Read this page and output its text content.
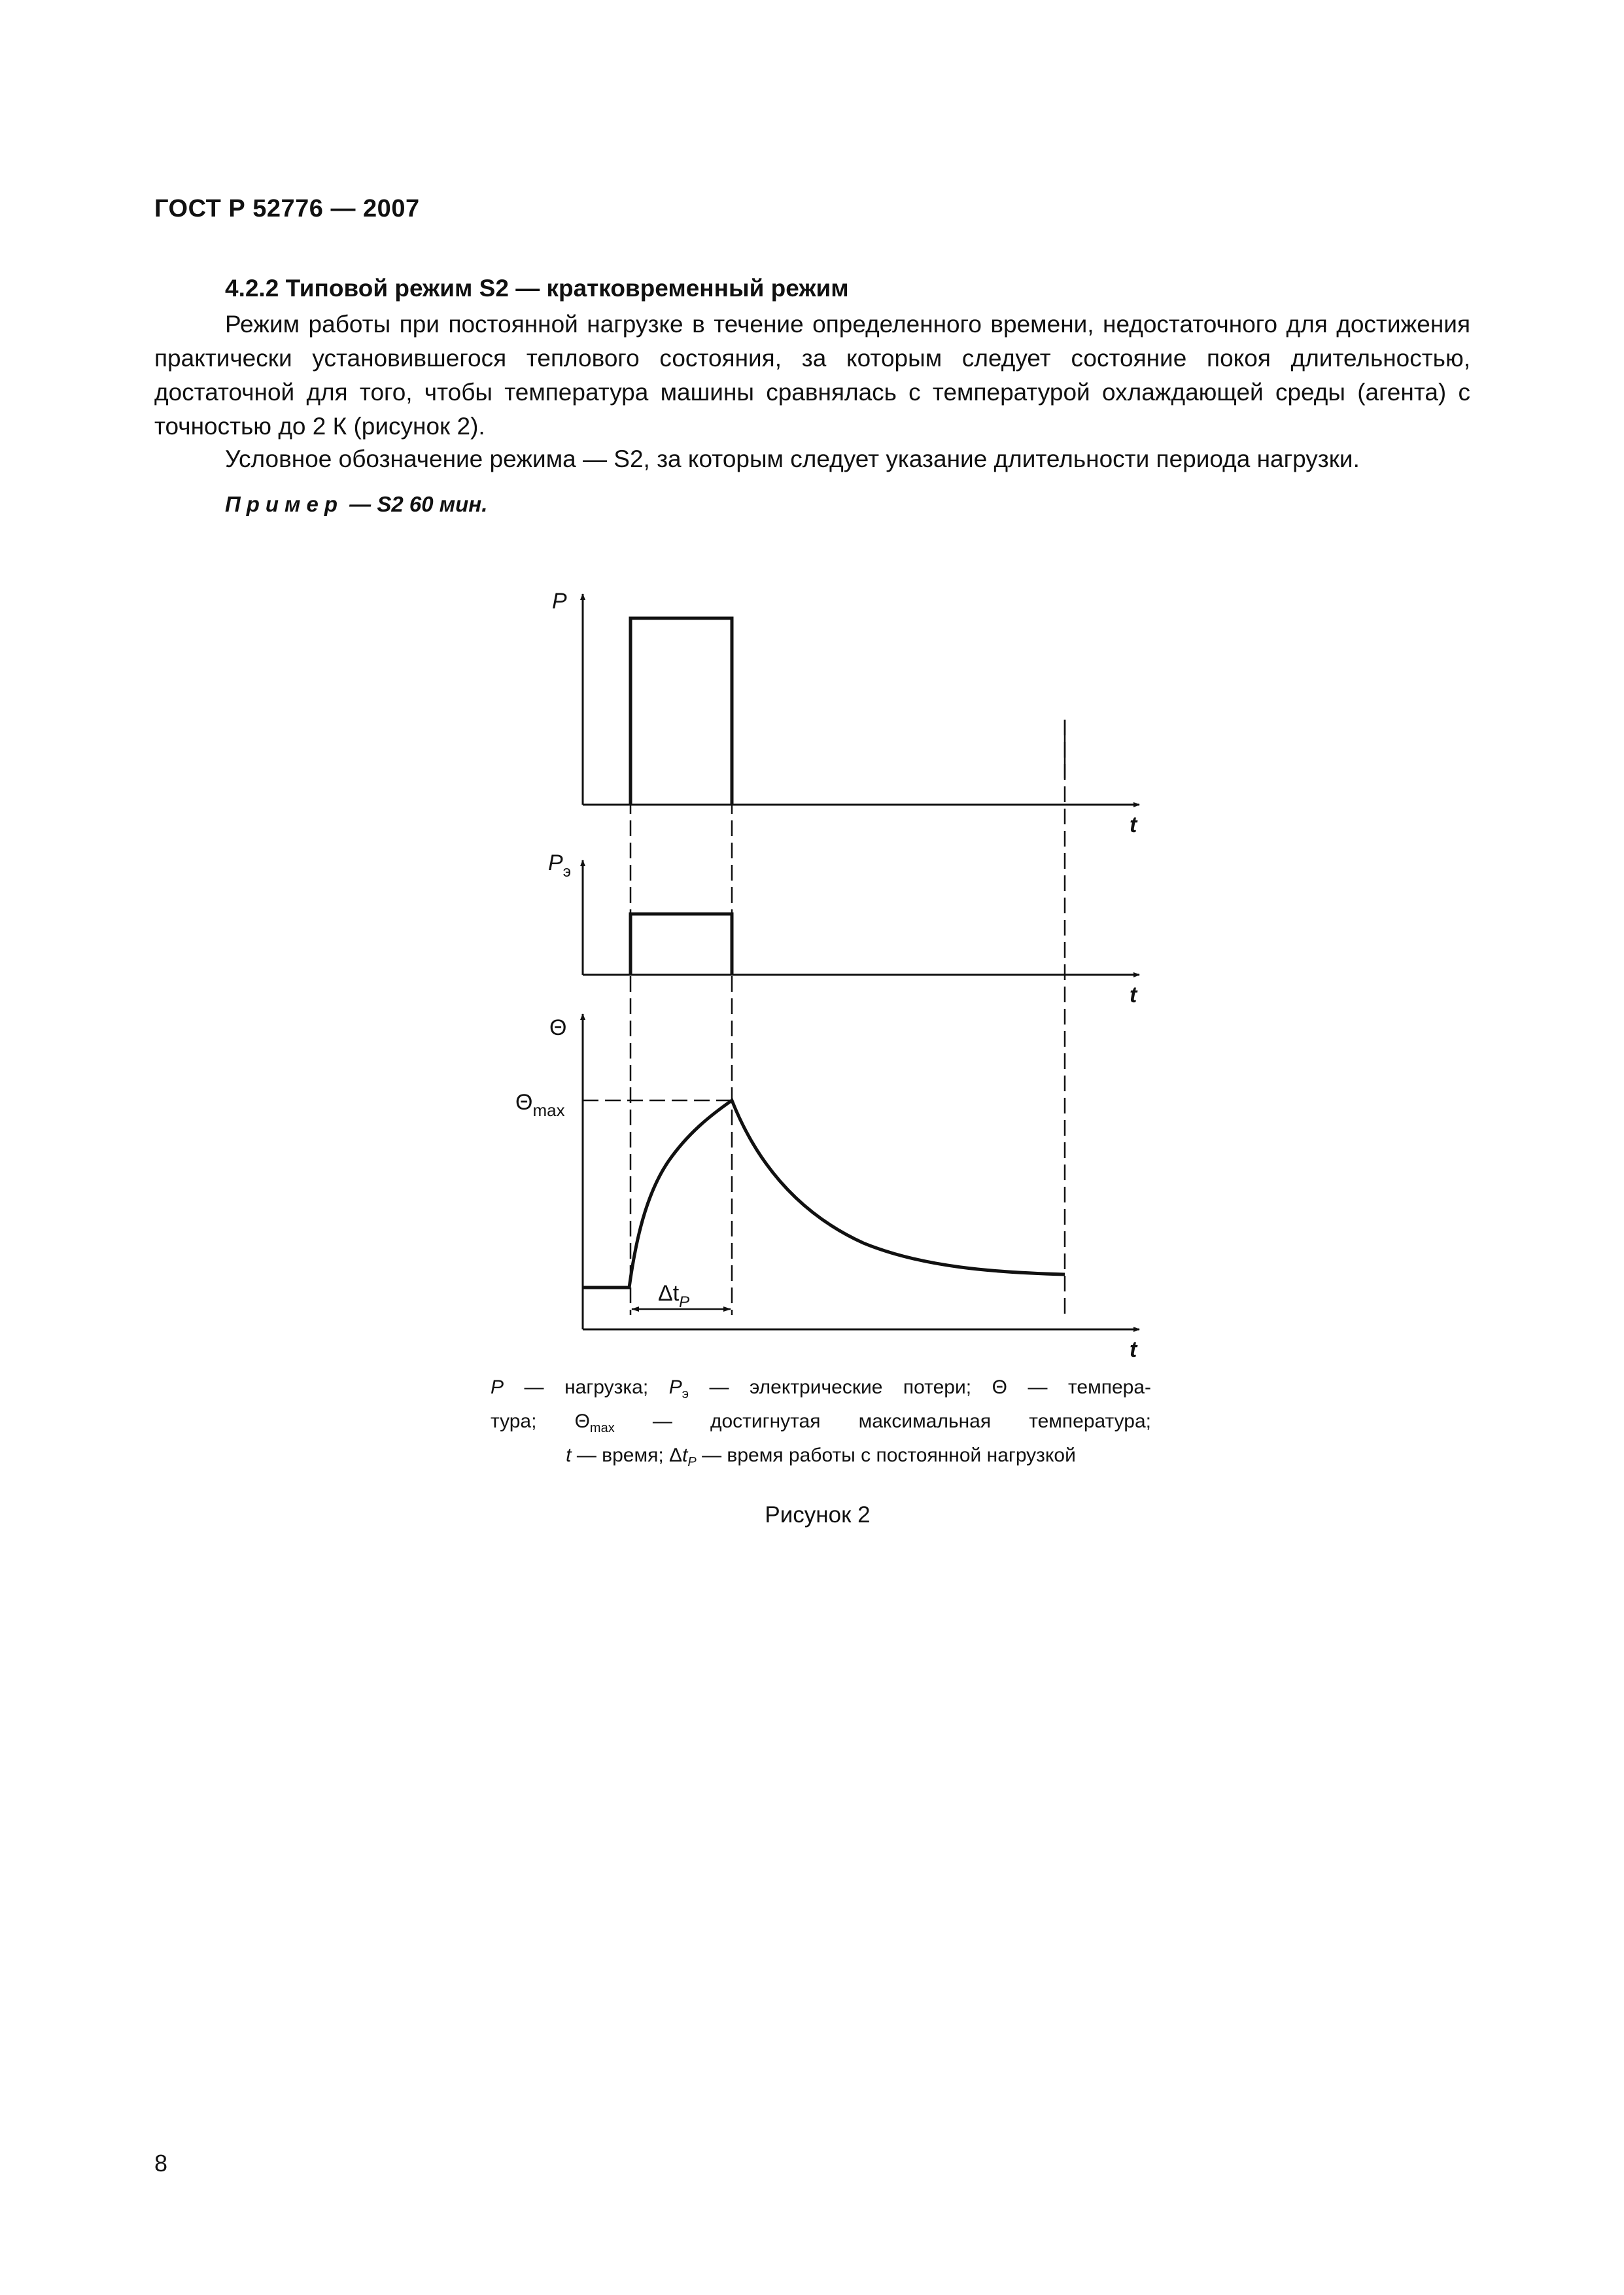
ГОСТ Р 52776 — 2007
4.2.2 Типовой режим S2 — кратковременный режим

Режим работы при постоянной нагрузке в течение определенного времени, недостаточного для достижения практически установившегося теплового состояния, за которым следует состояние покоя длительностью, достаточной для того, чтобы температура машины сравнялась с температурой охлаждающей среды (агента) с точностью до 2 К (рисунок 2).

Условное обозначение режима — S2, за которым следует указание длительности периода нагрузки.

Пример — S2 60 мин.
P
t
$P_э$
t
Θ
$\Theta_{max}$
$\Delta t_P$
t

P — нагрузка; $P_э$ — электрические потери; Θ — темпера-
тура; $\Theta_{max}$ — достигнутая максимальная температура;
t — время; $\Delta t_P$ — время работы с постоянной нагрузкой

Рисунок 2
8
